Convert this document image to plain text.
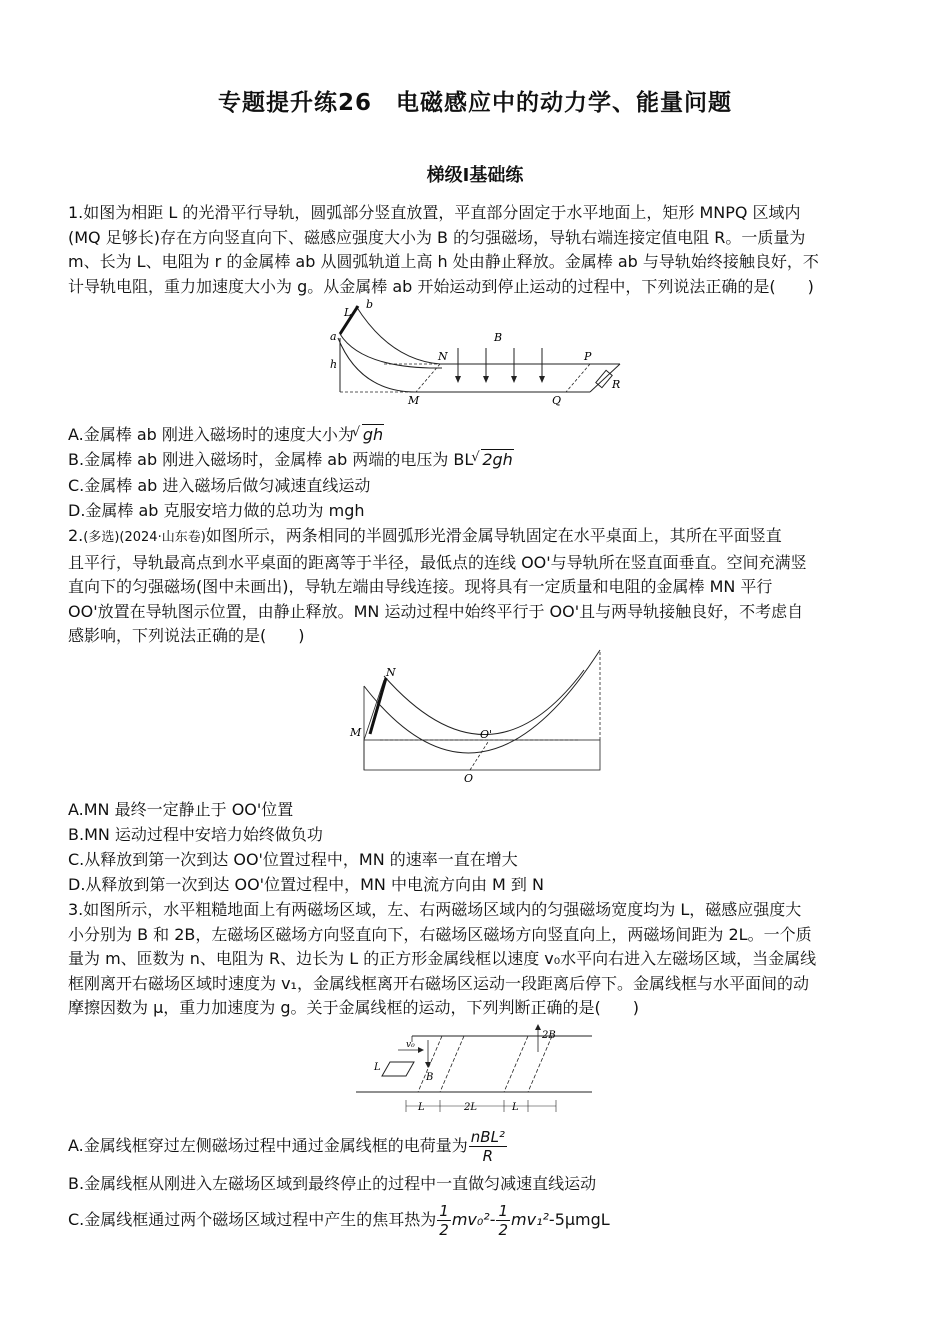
专题提升练26　电磁感应中的动力学、能量问题
梯级Ⅰ基础练
1.如图为相距 L 的光滑平行导轨，圆弧部分竖直放置，平直部分固定于水平地面上，矩形 MNPQ 区域内
(MQ 足够长)存在方向竖直向下、磁感应强度大小为 B 的匀强磁场，导轨右端连接定值电阻 R。一质量为
m、长为 L、电阻为 r 的金属棒 ab 从圆弧轨道上高 h 处由静止释放。金属棒 ab 与导轨始终接触良好，不
计导轨电阻，重力加速度大小为 g。从金属棒 ab 开始运动到停止运动的过程中，下列说法正确的是(　　)
L
b
a
h
N
B
P
R
M	Q
A.金属棒 ab 刚进入磁场时的速度大小为
√ gh
B.金属棒 ab 刚进入磁场时，金属棒 ab 两端的电压为 BL
√ 2gh
C.金属棒 ab 进入磁场后做匀减速直线运动
D.金属棒 ab 克服安培力做的总功为 mgh
2.(多选)(2024·山东卷)如图所示，两条相同的半圆弧形光滑金属导轨固定在水平桌面上，其所在平面竖直
且平行，导轨最高点到水平桌面的距离等于半径，最低点的连线 OO'与导轨所在竖直面垂直。空间充满竖
直向下的匀强磁场(图中未画出)，导轨左端由导线连接。现将具有一定质量和电阻的金属棒 MN 平行
OO'放置在导轨图示位置，由静止释放。MN 运动过程中始终平行于 OO'且与两导轨接触良好，不考虑自
感影响，下列说法正确的是(　　)
N
M	O'
O
A.MN 最终一定静止于 OO'位置
B.MN 运动过程中安培力始终做负功
C.从释放到第一次到达 OO'位置过程中，MN 的速率一直在增大
D.从释放到第一次到达 OO'位置过程中，MN 中电流方向由 M 到 N
3.如图所示，水平粗糙地面上有两磁场区域，左、右两磁场区域内的匀强磁场宽度均为 L，磁感应强度大
小分别为 B 和 2B，左磁场区磁场方向竖直向下，右磁场区磁场方向竖直向上，两磁场间距为 2L。一个质
量为 m、匝数为 n、电阻为 R、边长为 L 的正方形金属线框以速度 v₀水平向右进入左磁场区域，当金属线
框刚离开右磁场区域时速度为 v₁，金属线框离开右磁场区运动一段距离后停下。金属线框与水平面间的动
摩擦因数为 μ，重力加速度为 g。关于金属线框的运动，下列判断正确的是(　　)
2B
v₀
L
B
L	2L	L
A.金属线框穿过左侧磁场过程中通过金属线框的电荷量为 $\frac{\text{nBL²}}{R}$
B.金属线框从刚进入左磁场区域到最终停止的过程中一直做匀减速直线运动
C.金属线框通过两个磁场区域过程中产生的焦耳热为 $\frac{1}{2} mv_0^2- \frac{1}{2} mv_1^2-5\mu mgL$
